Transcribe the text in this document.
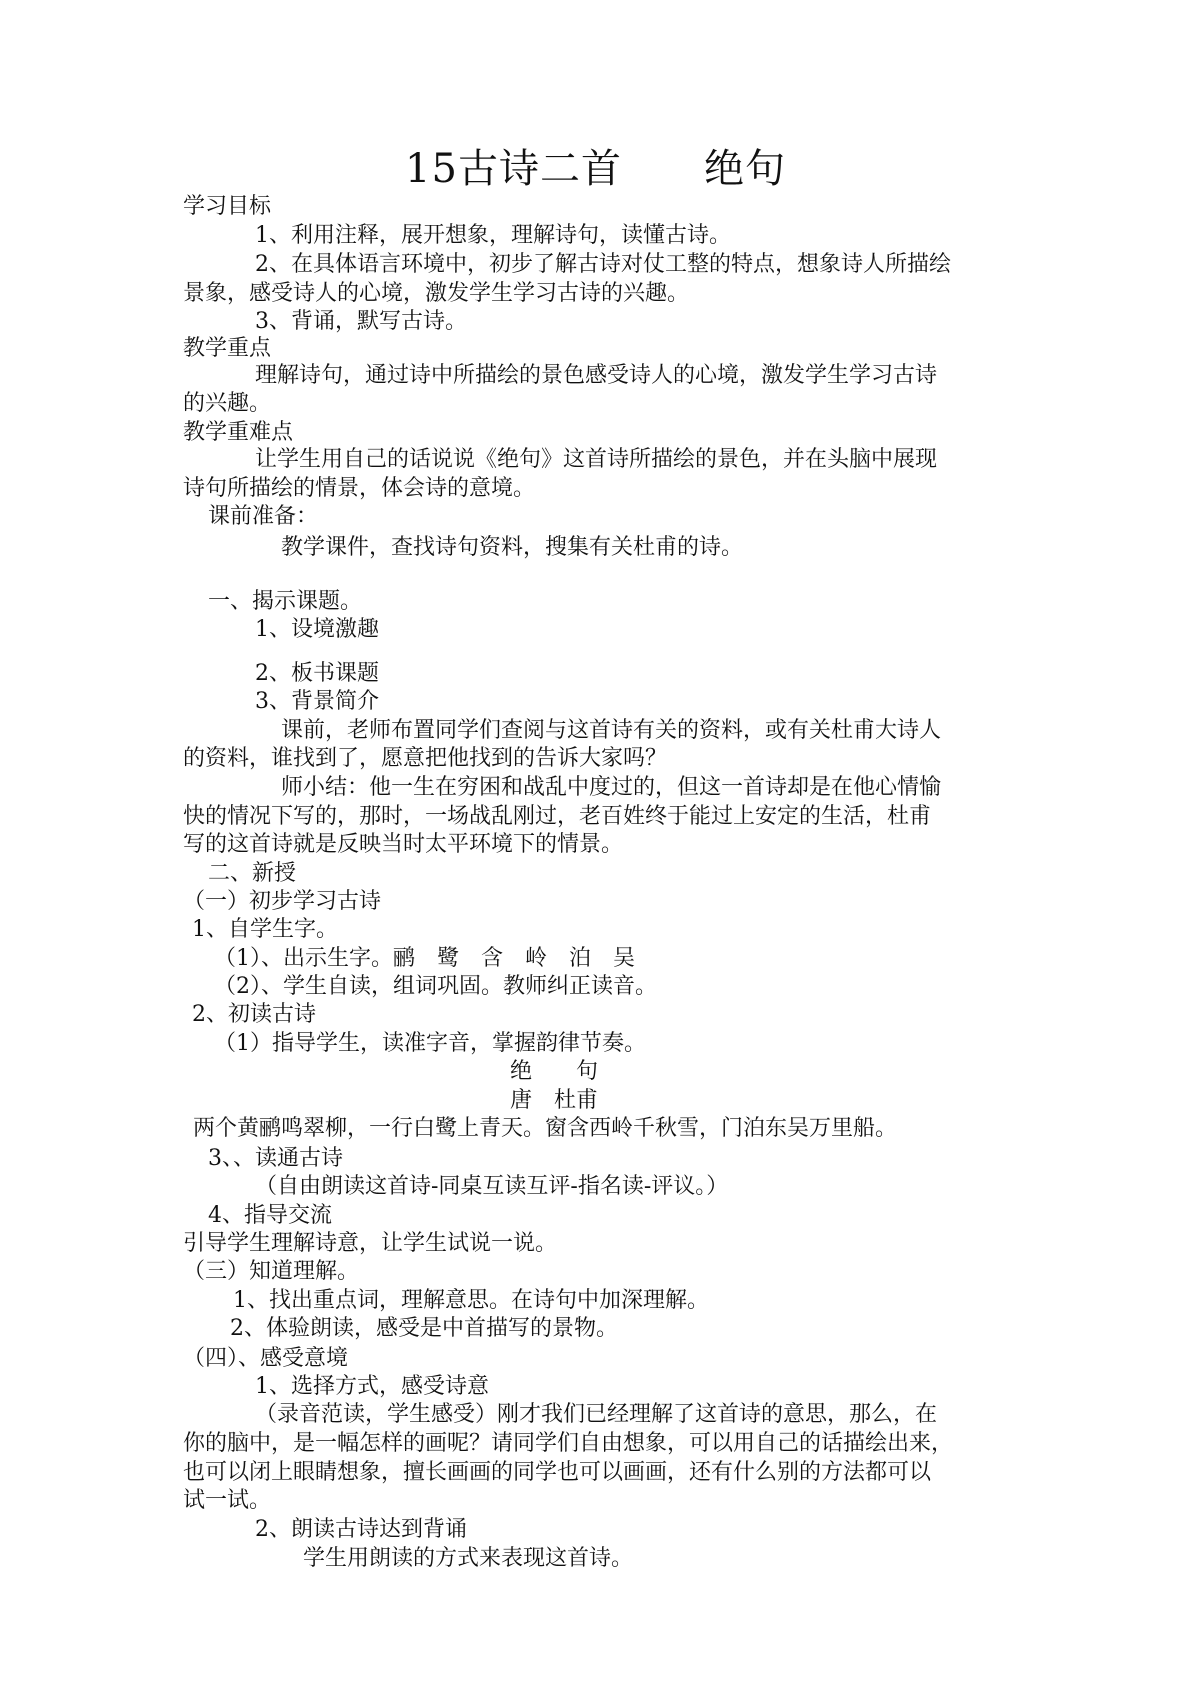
15古诗二首　　绝句
学习目标
1、利用注释，展开想象，理解诗句，读懂古诗。
2、在具体语言环境中，初步了解古诗对仗工整的特点，想象诗人所描绘
景象，感受诗人的心境，激发学生学习古诗的兴趣。
3、背诵，默写古诗。
教学重点
理解诗句，通过诗中所描绘的景色感受诗人的心境，激发学生学习古诗
的兴趣。
教学重难点
让学生用自己的话说说《绝句》这首诗所描绘的景色，并在头脑中展现
诗句所描绘的情景，体会诗的意境。
课前准备：
教学课件，查找诗句资料，搜集有关杜甫的诗。
一、揭示课题。
1、设境激趣
2、板书课题
3、背景简介
课前，老师布置同学们查阅与这首诗有关的资料，或有关杜甫大诗人
的资料，谁找到了，愿意把他找到的告诉大家吗？
师小结：他一生在穷困和战乱中度过的，但这一首诗却是在他心情愉
快的情况下写的，那时，一场战乱刚过，老百姓终于能过上安定的生活，杜甫
写的这首诗就是反映当时太平环境下的情景。
二、新授
（一）初步学习古诗
1、自学生字。
（1）、出示生字。鹂　鹭　含　岭　泊　吴
（2）、学生自读，组词巩固。教师纠正读音。
2、初读古诗
（1）指导学生，读准字音，掌握韵律节奏。
绝　　句
唐　杜甫
两个黄鹂鸣翠柳，一行白鹭上青天。窗含西岭千秋雪，门泊东吴万里船。
3、、读通古诗
（自由朗读这首诗-同桌互读互评-指名读-评议。）
4、指导交流
引导学生理解诗意，让学生试说一说。
（三）知道理解。
1、找出重点词，理解意思。在诗句中加深理解。
2、体验朗读，感受是中首描写的景物。
（四）、感受意境
1、选择方式，感受诗意
（录音范读，学生感受）刚才我们已经理解了这首诗的意思，那么，在
你的脑中，是一幅怎样的画呢？请同学们自由想象，可以用自己的话描绘出来，
也可以闭上眼睛想象，擅长画画的同学也可以画画，还有什么别的方法都可以
试一试。
2、朗读古诗达到背诵
学生用朗读的方式来表现这首诗。
